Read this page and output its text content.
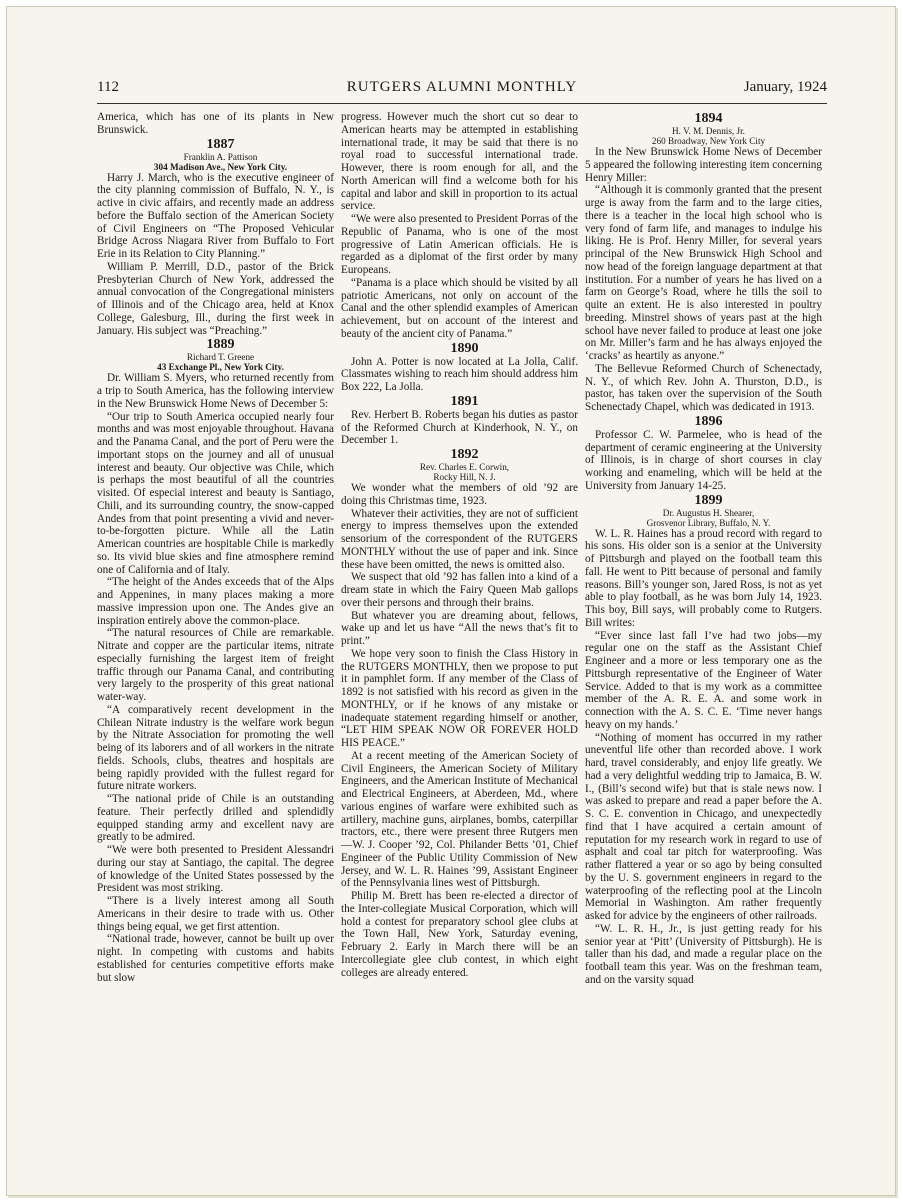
112	RUTGERS ALUMNI MONTHLY	January, 1924

America, which has one of its plants in New Brunswick.

1887

Franklin A. Pattison

304 Madison Ave., New York City.

Harry J. March, who is the executive engineer of the city planning commission of Buffalo, N. Y., is active in civic affairs, and recently made an address before the Buffalo section of the American Society of Civil Engineers on “The Proposed Vehicular Bridge Across Niagara River from Buffalo to Fort Erie in its Relation to City Planning.”

William P. Merrill, D.D., pastor of the Brick Presbyterian Church of New York, addressed the annual convocation of the Congregational ministers of Illinois and of the Chicago area, held at Knox College, Galesburg, Ill., during the first week in January. His subject was “Preaching.”

1889

Richard T. Greene

43 Exchange Pl., New York City.

Dr. William S. Myers, who returned recently from a trip to South America, has the following interview in the New Brunswick Home News of December 5:

“Our trip to South America occupied nearly four months and was most enjoyable throughout. Havana and the Panama Canal, and the port of Peru were the important stops on the journey and all of unusual interest and beauty. Our objective was Chile, which is perhaps the most beautiful of all the countries visited. Of especial interest and beauty is Santiago, Chili, and its surrounding country, the snow-capped Andes from that point presenting a vivid and never-to-be-forgotten picture. While all the Latin American countries are hospitable Chile is markedly so. Its vivid blue skies and fine atmosphere remind one of California and of Italy.

“The height of the Andes exceeds that of the Alps and Appenines, in many places making a more massive impression upon one. The Andes give an inspiration entirely above the common-place.

“The natural resources of Chile are remarkable. Nitrate and copper are the particular items, nitrate especially furnishing the largest item of freight traffic through our Panama Canal, and contributing very largely to the prosperity of this great national water-way.

“A comparatively recent development in the Chilean Nitrate industry is the welfare work begun by the Nitrate Association for promoting the well being of its laborers and of all workers in the nitrate fields. Schools, clubs, theatres and hospitals are being rapidly provided with the fullest regard for future nitrate workers.

“The national pride of Chile is an outstanding feature. Their perfectly drilled and splendidly equipped standing army and excellent navy are greatly to be admired.

“We were both presented to President Alessandri during our stay at Santiago, the capital. The degree of knowledge of the United States possessed by the President was most striking.

“There is a lively interest among all South Americans in their desire to trade with us. Other things being equal, we get first attention.

“National trade, however, cannot be built up over night. In competing with customs and habits established for centuries competitive efforts make but slow

progress. However much the short cut so dear to American hearts may be attempted in establishing international trade, it may be said that there is no royal road to successful international trade. However, there is room enough for all, and the North American will find a welcome both for his capital and labor and skill in proportion to its actual service.

“We were also presented to President Porras of the Republic of Panama, who is one of the most progressive of Latin American officials. He is regarded as a diplomat of the first order by many Europeans.

“Panama is a place which should be visited by all patriotic Americans, not only on account of the Canal and the other splendid examples of American achievement, but on account of the interest and beauty of the ancient city of Panama.”

1890

John A. Potter is now located at La Jolla, Calif. Classmates wishing to reach him should address him Box 222, La Jolla.

1891

Rev. Herbert B. Roberts began his duties as pastor of the Reformed Church at Kinderhook, N. Y., on December 1.

1892

Rev. Charles E. Corwin,

Rocky Hill, N. J.

We wonder what the members of old ’92 are doing this Christmas time, 1923.

Whatever their activities, they are not of sufficient energy to impress themselves upon the extended sensorium of the correspondent of the RUTGERS MONTHLY without the use of paper and ink. Since these have been omitted, the news is omitted also.

We suspect that old ’92 has fallen into a kind of a dream state in which the Fairy Queen Mab gallops over their persons and through their brains.

But whatever you are dreaming about, fellows, wake up and let us have “All the news that’s fit to print.”

We hope very soon to finish the Class History in the RUTGERS MONTHLY, then we propose to put it in pamphlet form. If any member of the Class of 1892 is not satisfied with his record as given in the MONTHLY, or if he knows of any mistake or inadequate statement regarding himself or another, “LET HIM SPEAK NOW OR FOREVER HOLD HIS PEACE.”

At a recent meeting of the American Society of Civil Engineers, the American Society of Military Engineers, and the American Institute of Mechanical and Electrical Engineers, at Aberdeen, Md., where various engines of warfare were exhibited such as artillery, machine guns, airplanes, bombs, caterpillar tractors, etc., there were present three Rutgers men—W. J. Cooper ’92, Col. Philander Betts ’01, Chief Engineer of the Public Utility Commission of New Jersey, and W. L. R. Haines ’99, Assistant Engineer of the Pennsylvania lines west of Pittsburgh.

Philip M. Brett has been re-elected a director of the Inter-collegiate Musical Corporation, which will hold a contest for preparatory school glee clubs at the Town Hall, New York, Saturday evening, February 2. Early in March there will be an Intercollegiate glee club contest, in which eight colleges are already entered.

1894

H. V. M. Dennis, Jr.

260 Broadway, New York City

In the New Brunswick Home News of December 5 appeared the following interesting item concerning Henry Miller:

“Although it is commonly granted that the present urge is away from the farm and to the large cities, there is a teacher in the local high school who is very fond of farm life, and manages to indulge his liking. He is Prof. Henry Miller, for several years principal of the New Brunswick High School and now head of the foreign language department at that institution. For a number of years he has lived on a farm on George’s Road, where he tills the soil to quite an extent. He is also interested in poultry breeding. Minstrel shows of years past at the high school have never failed to produce at least one joke on Mr. Miller’s farm and he has always enjoyed the ‘cracks’ as heartily as anyone.”

The Bellevue Reformed Church of Schenectady, N. Y., of which Rev. John A. Thurston, D.D., is pastor, has taken over the supervision of the South Schenectady Chapel, which was dedicated in 1913.

1896

Professor C. W. Parmelee, who is head of the department of ceramic engineering at the University of Illinois, is in charge of short courses in clay working and enameling, which will be held at the University from January 14-25.

1899

Dr. Augustus H. Shearer,

Grosvenor Library, Buffalo, N. Y.

W. L. R. Haines has a proud record with regard to his sons. His older son is a senior at the University of Pittsburgh and played on the football team this fall. He went to Pitt because of personal and family reasons. Bill’s younger son, Jared Ross, is not as yet able to play football, as he was born July 14, 1923. This boy, Bill says, will probably come to Rutgers. Bill writes:

“Ever since last fall I’ve had two jobs—my regular one on the staff as the Assistant Chief Engineer and a more or less temporary one as the Pittsburgh representative of the Engineer of Water Service. Added to that is my work as a committee member of the A. R. E. A. and some work in connection with the A. S. C. E. ‘Time never hangs heavy on my hands.’

“Nothing of moment has occurred in my rather uneventful life other than recorded above. I work hard, travel considerably, and enjoy life greatly. We had a very delightful wedding trip to Jamaica, B. W. I., (Bill’s second wife) but that is stale news now. I was asked to prepare and read a paper before the A. S. C. E. convention in Chicago, and unexpectedly find that I have acquired a certain amount of reputation for my research work in regard to use of asphalt and coal tar pitch for waterproofing. Was rather flattered a year or so ago by being consulted by the U. S. government engineers in regard to the waterproofing of the reflecting pool at the Lincoln Memorial in Washington. Am rather frequently asked for advice by the engineers of other railroads.

“W. L. R. H., Jr., is just getting ready for his senior year at ‘Pitt’ (University of Pittsburgh). He is taller than his dad, and made a regular place on the football team this year. Was on the freshman team, and on the varsity squad
